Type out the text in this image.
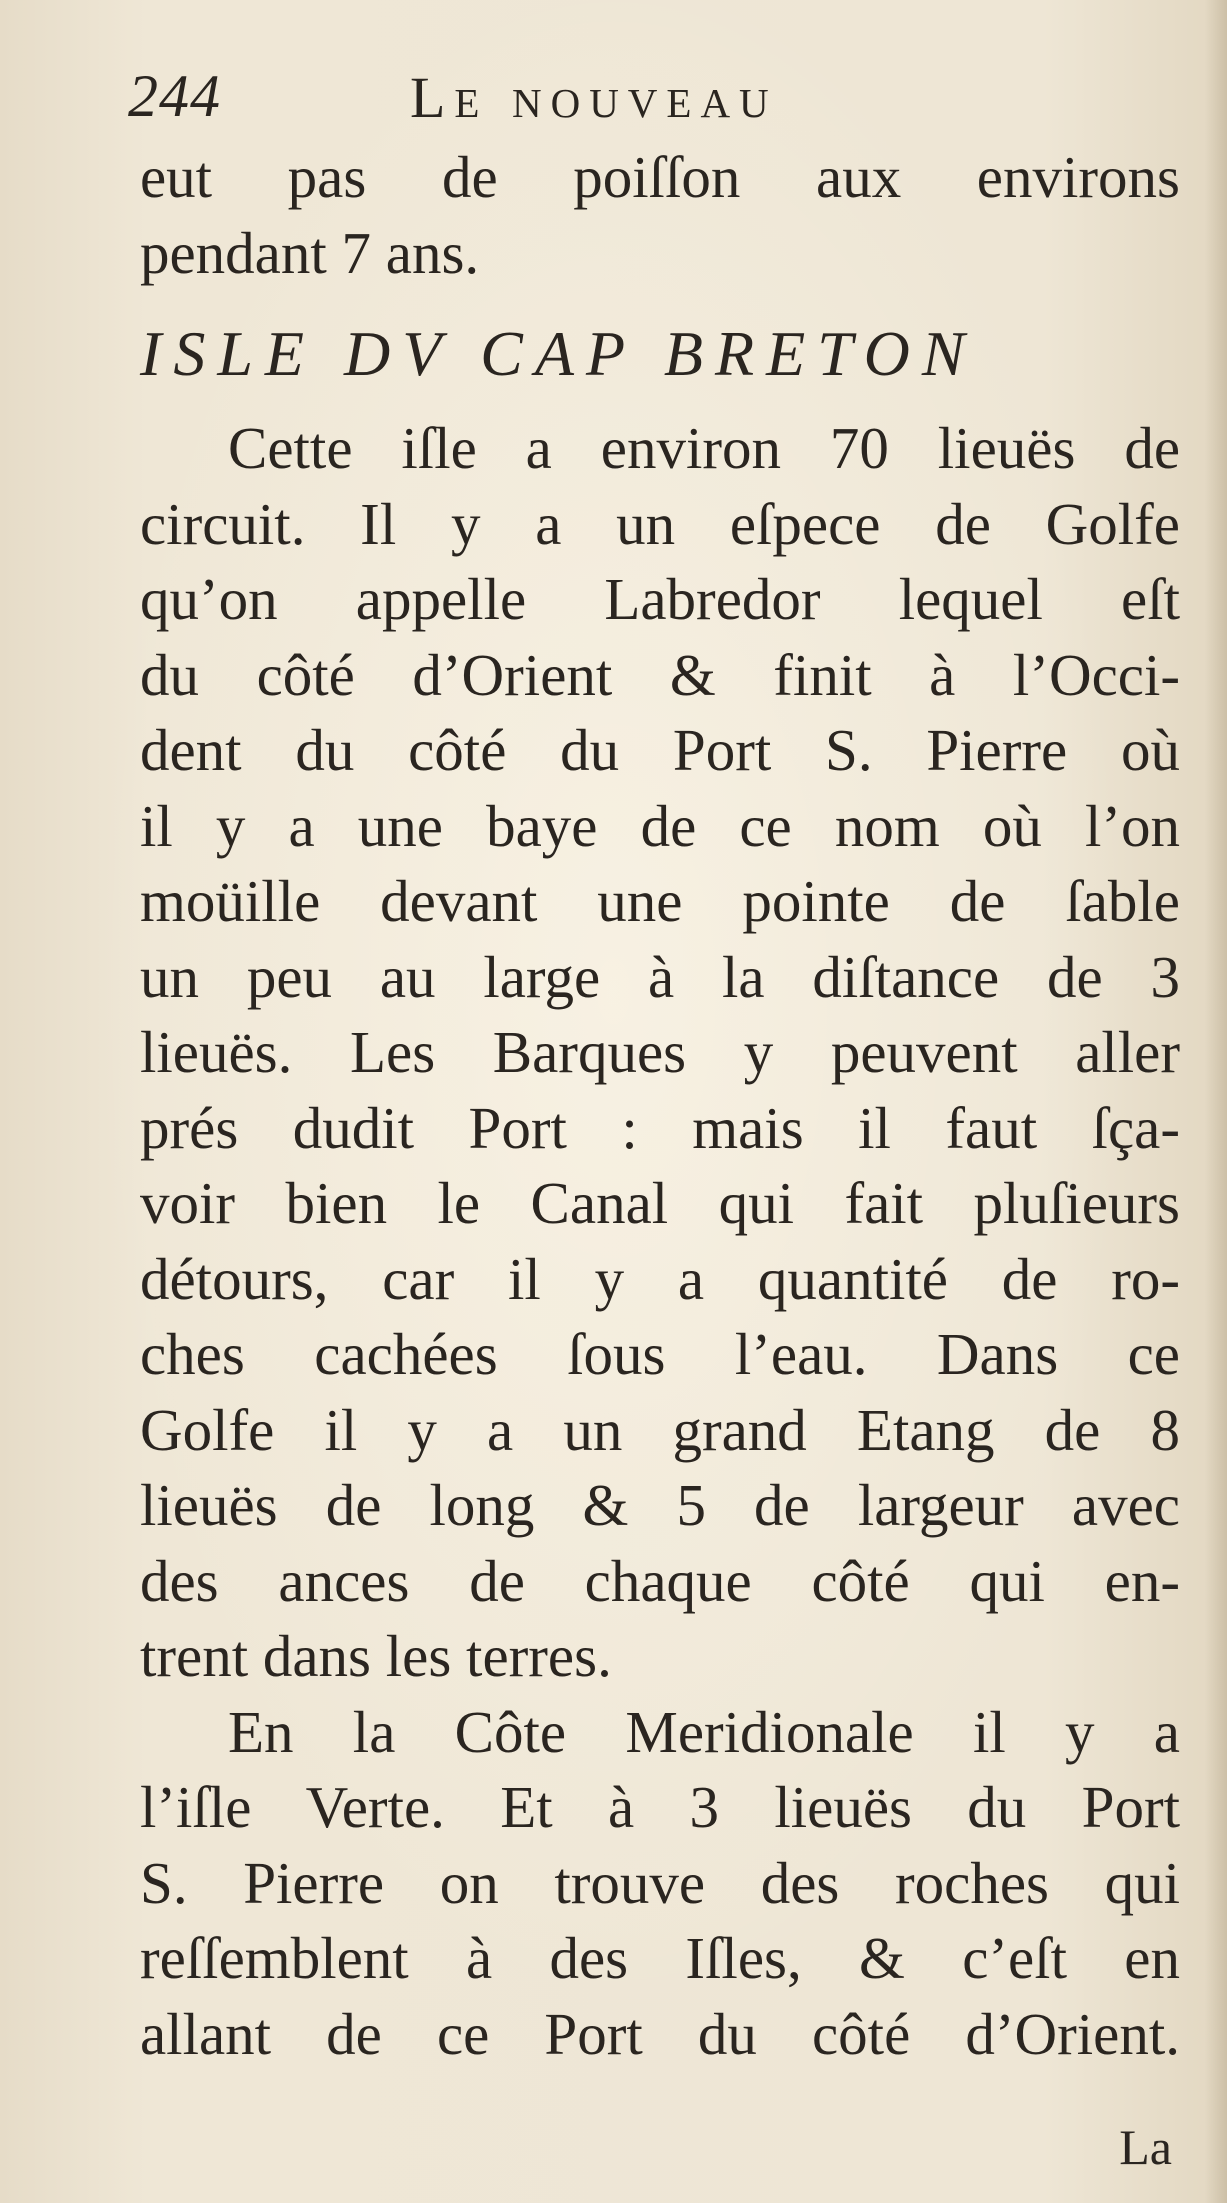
244	Le nouveau
eut pas de poiſſon aux environs
pendant 7 ans.
ISLE DV CAP BRETON
Cette iſle a environ 70 lieuës de
circuit. Il y a un eſpece de Golfe
qu’on appelle Labredor lequel eſt
du côté d’Orient & finit à l’Occi-
dent du côté du Port S. Pierre où
il y a une baye de ce nom où l’on
moüille devant une pointe de ſable
un peu au large à la diſtance de 3
lieuës. Les Barques y peuvent aller
prés dudit Port : mais il faut ſça-
voir bien le Canal qui fait pluſieurs
détours, car il y a quantité de ro-
ches cachées ſous l’eau. Dans ce
Golfe il y a un grand Etang de 8
lieuës de long & 5 de largeur avec
des ances de chaque côté qui en-
trent dans les terres.
En la Côte Meridionale il y a
l’iſle Verte. Et à 3 lieuës du Port
S. Pierre on trouve des roches qui
reſſemblent à des Iſles, & c’eſt en
allant de ce Port du côté d’Orient.
La
